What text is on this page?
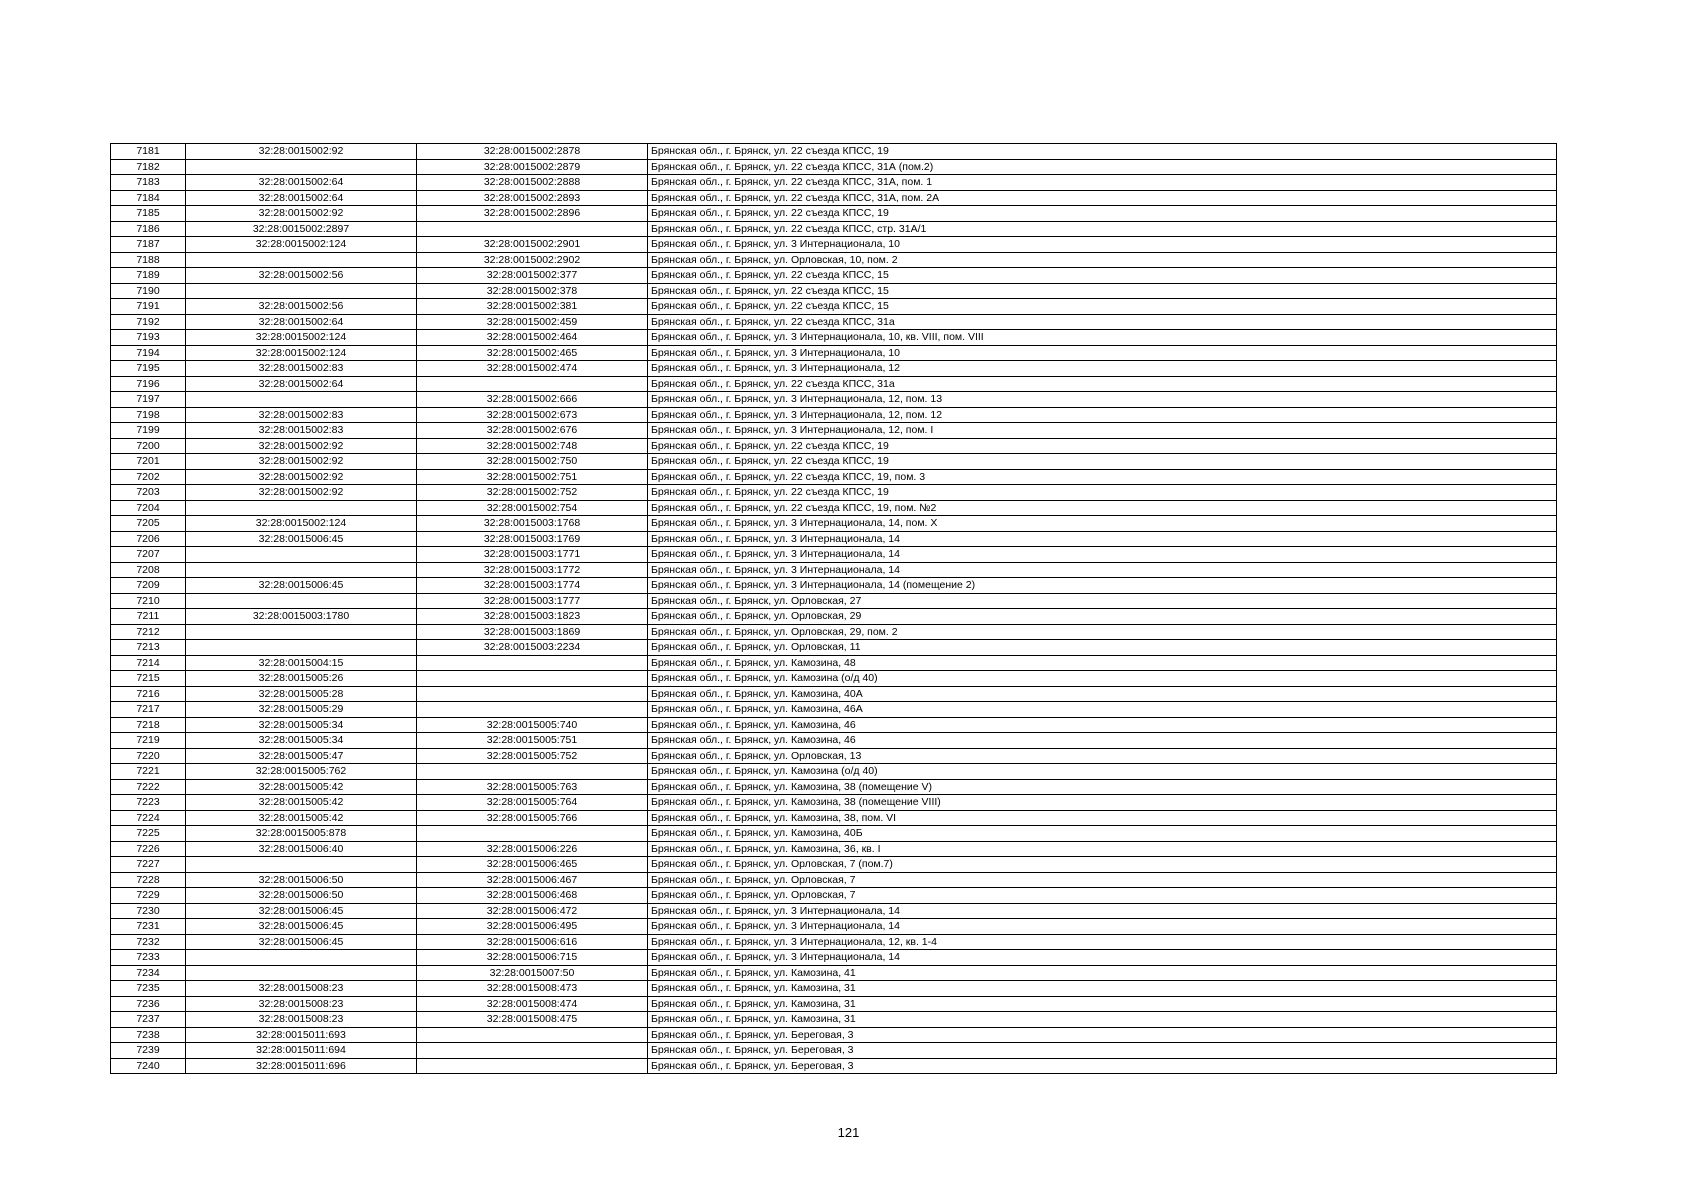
7181	32:28:0015002:92	32:28:0015002:2878	Брянская обл., г. Брянск, ул. 22 съезда КПСС, 19
7182		32:28:0015002:2879	Брянская обл., г. Брянск, ул. 22 съезда КПСС, 31А (пом.2)
7183	32:28:0015002:64	32:28:0015002:2888	Брянская обл., г. Брянск, ул. 22 съезда КПСС, 31А, пом. 1
7184	32:28:0015002:64	32:28:0015002:2893	Брянская обл., г. Брянск, ул. 22 съезда КПСС, 31А, пом. 2А
7185	32:28:0015002:92	32:28:0015002:2896	Брянская обл., г. Брянск, ул. 22 съезда КПСС, 19
7186	32:28:0015002:2897		Брянская обл., г. Брянск, ул. 22 съезда КПСС, стр. 31А/1
7187	32:28:0015002:124	32:28:0015002:2901	Брянская обл., г. Брянск, ул. 3 Интернационала, 10
7188		32:28:0015002:2902	Брянская обл., г. Брянск, ул. Орловская, 10, пом. 2
7189	32:28:0015002:56	32:28:0015002:377	Брянская обл., г. Брянск, ул. 22 съезда КПСС, 15
7190		32:28:0015002:378	Брянская обл., г. Брянск, ул. 22 съезда КПСС, 15
7191	32:28:0015002:56	32:28:0015002:381	Брянская обл., г. Брянск, ул. 22 съезда КПСС, 15
7192	32:28:0015002:64	32:28:0015002:459	Брянская обл., г. Брянск, ул. 22 съезда КПСС, 31а
7193	32:28:0015002:124	32:28:0015002:464	Брянская обл., г. Брянск, ул. 3 Интернационала, 10, кв. VIII, пом. VIII
7194	32:28:0015002:124	32:28:0015002:465	Брянская обл., г. Брянск, ул. 3 Интернационала, 10
7195	32:28:0015002:83	32:28:0015002:474	Брянская обл., г. Брянск, ул. 3 Интернационала, 12
7196	32:28:0015002:64		Брянская обл., г. Брянск, ул. 22 съезда КПСС, 31а
7197		32:28:0015002:666	Брянская обл., г. Брянск, ул. 3 Интернационала, 12, пом. 13
7198	32:28:0015002:83	32:28:0015002:673	Брянская обл., г. Брянск, ул. 3 Интернационала, 12, пом. 12
7199	32:28:0015002:83	32:28:0015002:676	Брянская обл., г. Брянск, ул. 3 Интернационала, 12, пом. I
7200	32:28:0015002:92	32:28:0015002:748	Брянская обл., г. Брянск, ул. 22 съезда КПСС, 19
7201	32:28:0015002:92	32:28:0015002:750	Брянская обл., г. Брянск, ул. 22 съезда КПСС, 19
7202	32:28:0015002:92	32:28:0015002:751	Брянская обл., г. Брянск, ул. 22 съезда КПСС, 19, пом. 3
7203	32:28:0015002:92	32:28:0015002:752	Брянская обл., г. Брянск, ул. 22 съезда КПСС, 19
7204		32:28:0015002:754	Брянская обл., г. Брянск, ул. 22 съезда КПСС, 19, пом. №2
7205	32:28:0015002:124	32:28:0015003:1768	Брянская обл., г. Брянск, ул. 3 Интернационала, 14, пом. X
7206	32:28:0015006:45	32:28:0015003:1769	Брянская обл., г. Брянск, ул. 3 Интернационала, 14
7207		32:28:0015003:1771	Брянская обл., г. Брянск, ул. 3 Интернационала, 14
7208		32:28:0015003:1772	Брянская обл., г. Брянск, ул. 3 Интернационала, 14
7209	32:28:0015006:45	32:28:0015003:1774	Брянская обл., г. Брянск, ул. 3 Интернационала, 14 (помещение 2)
7210		32:28:0015003:1777	Брянская обл., г. Брянск, ул. Орловская, 27
7211	32:28:0015003:1780	32:28:0015003:1823	Брянская обл., г. Брянск, ул. Орловская, 29
7212		32:28:0015003:1869	Брянская обл., г. Брянск, ул. Орловская, 29, пом. 2
7213		32:28:0015003:2234	Брянская обл., г. Брянск, ул. Орловская, 11
7214	32:28:0015004:15		Брянская обл., г. Брянск, ул. Камозина, 48
7215	32:28:0015005:26		Брянская обл., г. Брянск, ул. Камозина (о/д 40)
7216	32:28:0015005:28		Брянская обл., г. Брянск, ул. Камозина, 40А
7217	32:28:0015005:29		Брянская обл., г. Брянск, ул. Камозина, 46А
7218	32:28:0015005:34	32:28:0015005:740	Брянская обл., г. Брянск, ул. Камозина, 46
7219	32:28:0015005:34	32:28:0015005:751	Брянская обл., г. Брянск, ул. Камозина, 46
7220	32:28:0015005:47	32:28:0015005:752	Брянская обл., г. Брянск, ул. Орловская, 13
7221	32:28:0015005:762		Брянская обл., г. Брянск, ул. Камозина (о/д 40)
7222	32:28:0015005:42	32:28:0015005:763	Брянская обл., г. Брянск, ул. Камозина, 38 (помещение V)
7223	32:28:0015005:42	32:28:0015005:764	Брянская обл., г. Брянск, ул. Камозина, 38 (помещение VIII)
7224	32:28:0015005:42	32:28:0015005:766	Брянская обл., г. Брянск, ул. Камозина, 38, пом. VI
7225	32:28:0015005:878		Брянская обл., г. Брянск, ул. Камозина, 40Б
7226	32:28:0015006:40	32:28:0015006:226	Брянская обл., г. Брянск, ул. Камозина, 36, кв. I
7227		32:28:0015006:465	Брянская обл., г. Брянск, ул. Орловская, 7 (пом.7)
7228	32:28:0015006:50	32:28:0015006:467	Брянская обл., г. Брянск, ул. Орловская, 7
7229	32:28:0015006:50	32:28:0015006:468	Брянская обл., г. Брянск, ул. Орловская, 7
7230	32:28:0015006:45	32:28:0015006:472	Брянская обл., г. Брянск, ул. 3 Интернационала, 14
7231	32:28:0015006:45	32:28:0015006:495	Брянская обл., г. Брянск, ул. 3 Интернационала, 14
7232	32:28:0015006:45	32:28:0015006:616	Брянская обл., г. Брянск, ул. 3 Интернационала, 12, кв. 1-4
7233		32:28:0015006:715	Брянская обл., г. Брянск, ул. 3 Интернационала, 14
7234		32:28:0015007:50	Брянская обл., г. Брянск, ул. Камозина, 41
7235	32:28:0015008:23	32:28:0015008:473	Брянская обл., г. Брянск, ул. Камозина, 31
7236	32:28:0015008:23	32:28:0015008:474	Брянская обл., г. Брянск, ул. Камозина, 31
7237	32:28:0015008:23	32:28:0015008:475	Брянская обл., г. Брянск, ул. Камозина, 31
7238	32:28:0015011:693		Брянская обл., г. Брянск, ул. Береговая, 3
7239	32:28:0015011:694		Брянская обл., г. Брянск, ул. Береговая, 3
7240	32:28:0015011:696		Брянская обл., г. Брянск, ул. Береговая, 3
121
